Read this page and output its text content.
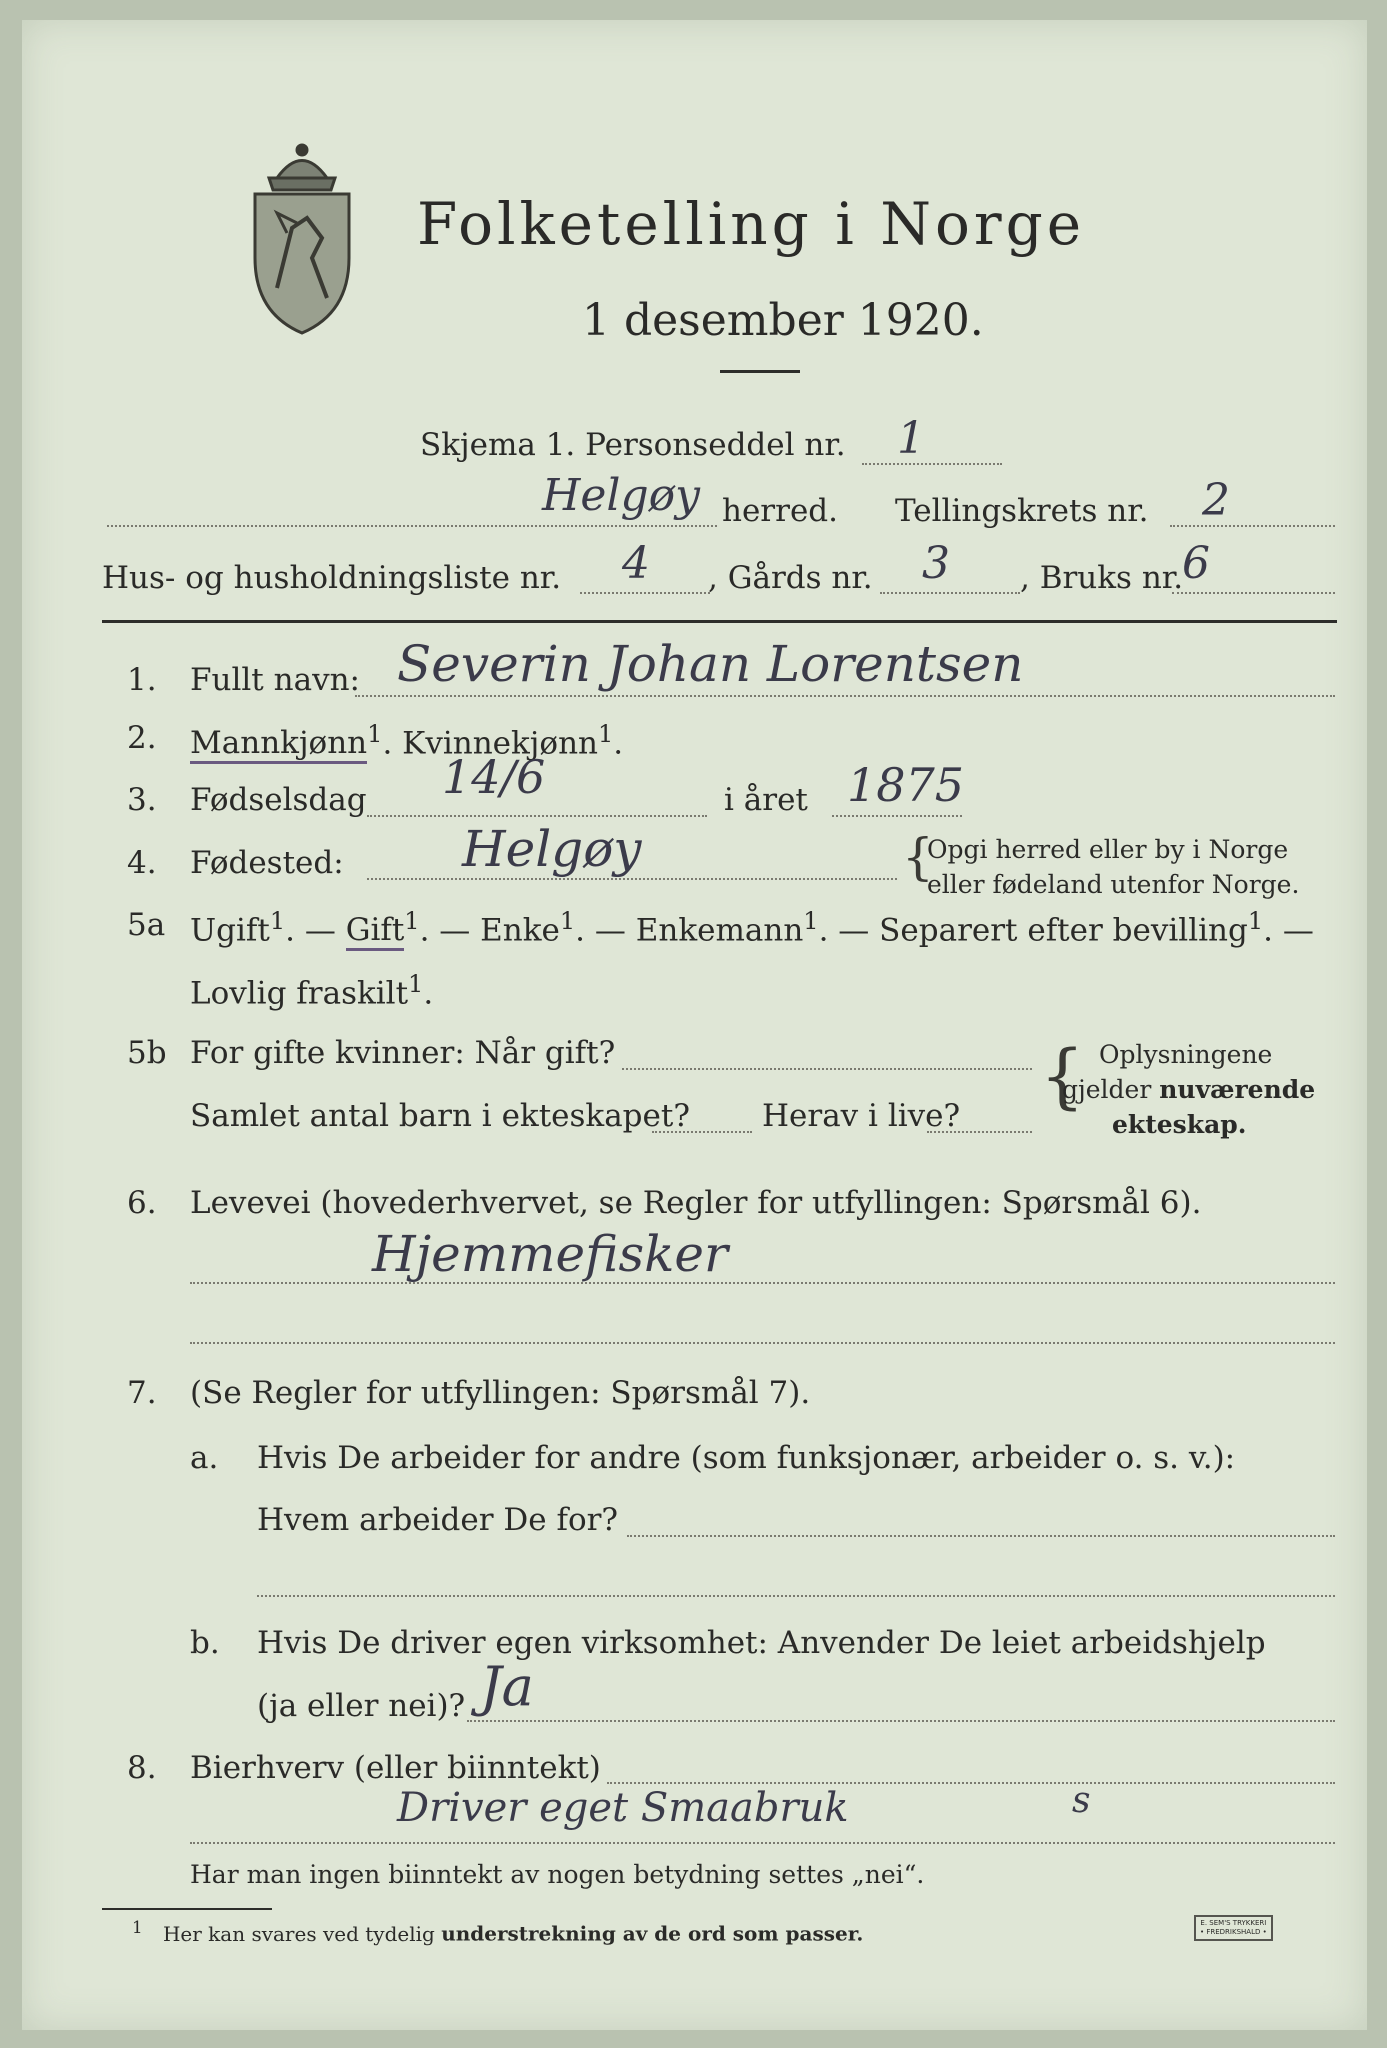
Folketelling i Norge
1 desember 1920.
Skjema 1. Personseddel nr. 1
Helgøy herred. Tellingskrets nr. 2
Hus- og husholdningsliste nr. 4 , Gårds nr. 3 , Bruks nr.
6
1. Fullt navn: Severin Johan Lorentsen
2. Mannkjønn$^1$. Kvinnekjønn$^1$.
3. Fødselsdag 14/6	i året 1875
4. Fødested: Helgøy	{
Opgi herred eller by i Norge
eller fødeland utenfor Norge.
5a Ugift$^1$. — Gift$^1$. — Enke$^1$. — Enkemann$^1$. — Separert efter bevilling$^1$. —
Lovlig fraskilt$^1$.
5b For gifte kvinner: Når gift?
Samlet antal barn i ekteskapet? Herav i live? { Oplysningene
gjelder nuværende
ekteskap.
6. Levevei (hovederhvervet, se Regler for utfyllingen: Spørsmål 6).
Hjemmefisker
7. (Se Regler for utfyllingen: Spørsmål 7).
a. Hvis De arbeider for andre (som funksjonær, arbeider o. s. v.):
Hvem arbeider De for?
b. Hvis De driver egen virksomhet: Anvender De leiet arbeidshjelp
(ja eller nei)? Ja
8. Bierhverv (eller biinntekt)
Driver eget Smaabruk	s
Har man ingen biinntekt av nogen betydning settes „nei“.
$^1$ Her kan svares ved tydelig understrekning av de ord som passer.	E. SEM'S TRYKKERI
• FREDRIKSHALD •
